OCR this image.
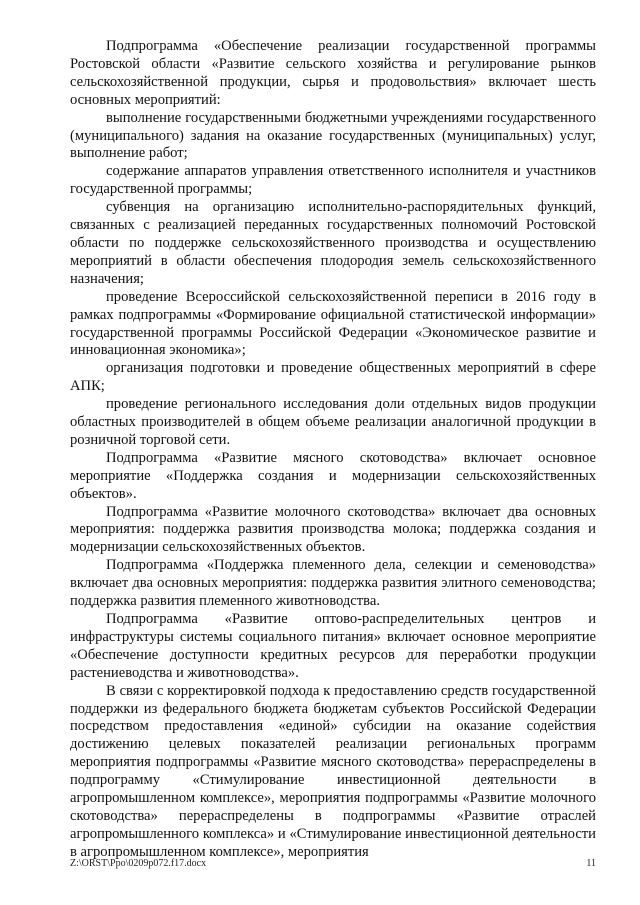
Подпрограмма «Обеспечение реализации государственной программы Ростовской области «Развитие сельского хозяйства и регулирование рынков сельскохозяйственной продукции, сырья и продовольствия» включает шесть основных мероприятий:

выполнение государственными бюджетными учреждениями государственного (муниципального) задания на оказание государственных (муниципальных) услуг, выполнение работ;

содержание аппаратов управления ответственного исполнителя и участников государственной программы;

субвенция на организацию исполнительно-распорядительных функций, связанных с реализацией переданных государственных полномочий Ростовской области по поддержке сельскохозяйственного производства и осуществлению мероприятий в области обеспечения плодородия земель сельскохозяйственного назначения;

проведение Всероссийской сельскохозяйственной переписи в 2016 году в рамках подпрограммы «Формирование официальной статистической информации» государственной программы Российской Федерации «Экономическое развитие и инновационная экономика»;

организация подготовки и проведение общественных мероприятий в сфере АПК;

проведение регионального исследования доли отдельных видов продукции областных производителей в общем объеме реализации аналогичной продукции в розничной торговой сети.

Подпрограмма «Развитие мясного скотоводства» включает основное мероприятие «Поддержка создания и модернизации сельскохозяйственных объектов».

Подпрограмма «Развитие молочного скотоводства» включает два основных мероприятия: поддержка развития производства молока; поддержка создания и модернизации сельскохозяйственных объектов.

Подпрограмма «Поддержка племенного дела, селекции и семеноводства» включает два основных мероприятия: поддержка развития элитного семеноводства; поддержка развития племенного животноводства.

Подпрограмма «Развитие оптово-распределительных центров и инфраструктуры системы социального питания» включает основное мероприятие «Обеспечение доступности кредитных ресурсов для переработки продукции растениеводства и животноводства».

В связи с корректировкой подхода к предоставлению средств государственной поддержки из федерального бюджета бюджетам субъектов Российской Федерации посредством предоставления «единой» субсидии на оказание содействия достижению целевых показателей реализации региональных программ мероприятия подпрограммы «Развитие мясного скотоводства» перераспределены в подпрограмму «Стимулирование инвестиционной деятельности в агропромышленном комплексе», мероприятия подпрограммы «Развитие молочного скотоводства» перераспределены в подпрограммы «Развитие отраслей агропромышленного комплекса» и «Стимулирование инвестиционной деятельности в агропромышленном комплексе», мероприятия

Z:\ORST\Ppo\0209p072.f17.docx	11
